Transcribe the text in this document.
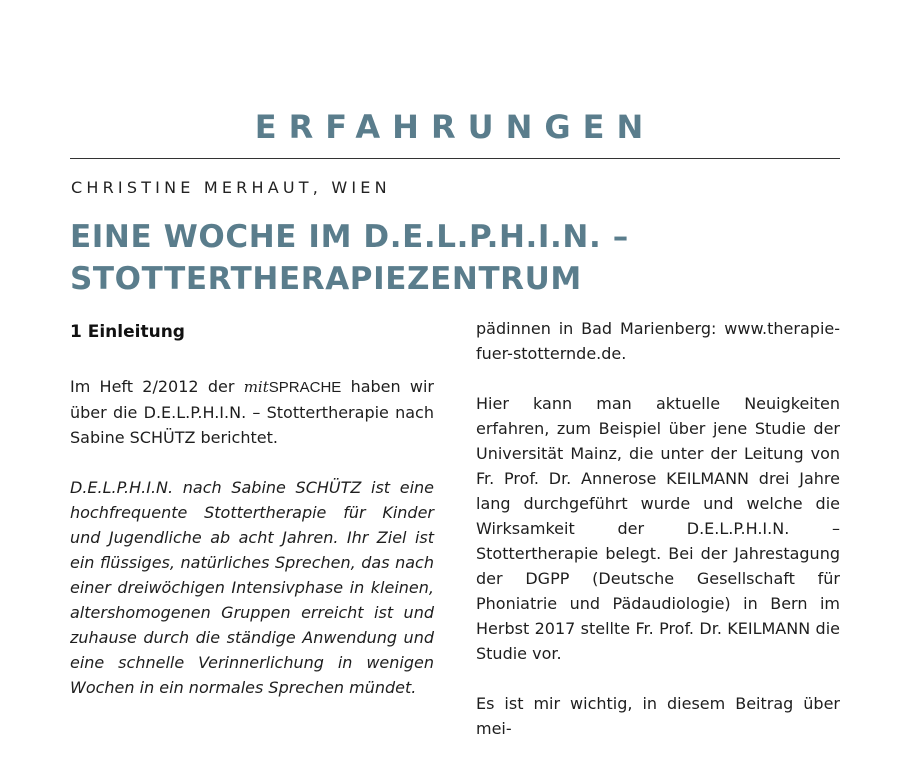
ERFAHRUNGEN
CHRISTINE MERHAUT, WIEN
EINE WOCHE IM D.E.L.P.H.I.N. –
STOTTERTHERAPIEZENTRUM
1 Einleitung

Im Heft 2/2012 der mitSPRACHE haben wir über die D.E.L.P.H.I.N. – Stottertherapie nach Sabine SCHÜTZ berichtet.

D.E.L.P.H.I.N. nach Sabine SCHÜTZ ist eine hochfrequente Stottertherapie für Kinder und Jugendliche ab acht Jahren. Ihr Ziel ist ein flüssiges, natürliches Sprechen, das nach einer dreiwöchigen Intensivphase in kleinen, altershomogenen Gruppen erreicht ist und zuhause durch die ständige Anwendung und eine schnelle Verinnerlichung in wenigen Wochen in ein normales Sprechen mündet.

pädinnen in Bad Marienberg: www.therapie-fuer-stotternde.de.

Hier kann man aktuelle Neuigkeiten erfahren, zum Beispiel über jene Studie der Universität Mainz, die unter der Leitung von Fr. Prof. Dr. Annerose KEILMANN drei Jahre lang durchgeführt wurde und welche die Wirksamkeit der D.E.L.P.H.I.N. – Stottertherapie belegt. Bei der Jahrestagung der DGPP (Deutsche Gesellschaft für Phoniatrie und Pädaudiologie) in Bern im Herbst 2017 stellte Fr. Prof. Dr. KEILMANN die Studie vor.

Es ist mir wichtig, in diesem Beitrag über mei-
